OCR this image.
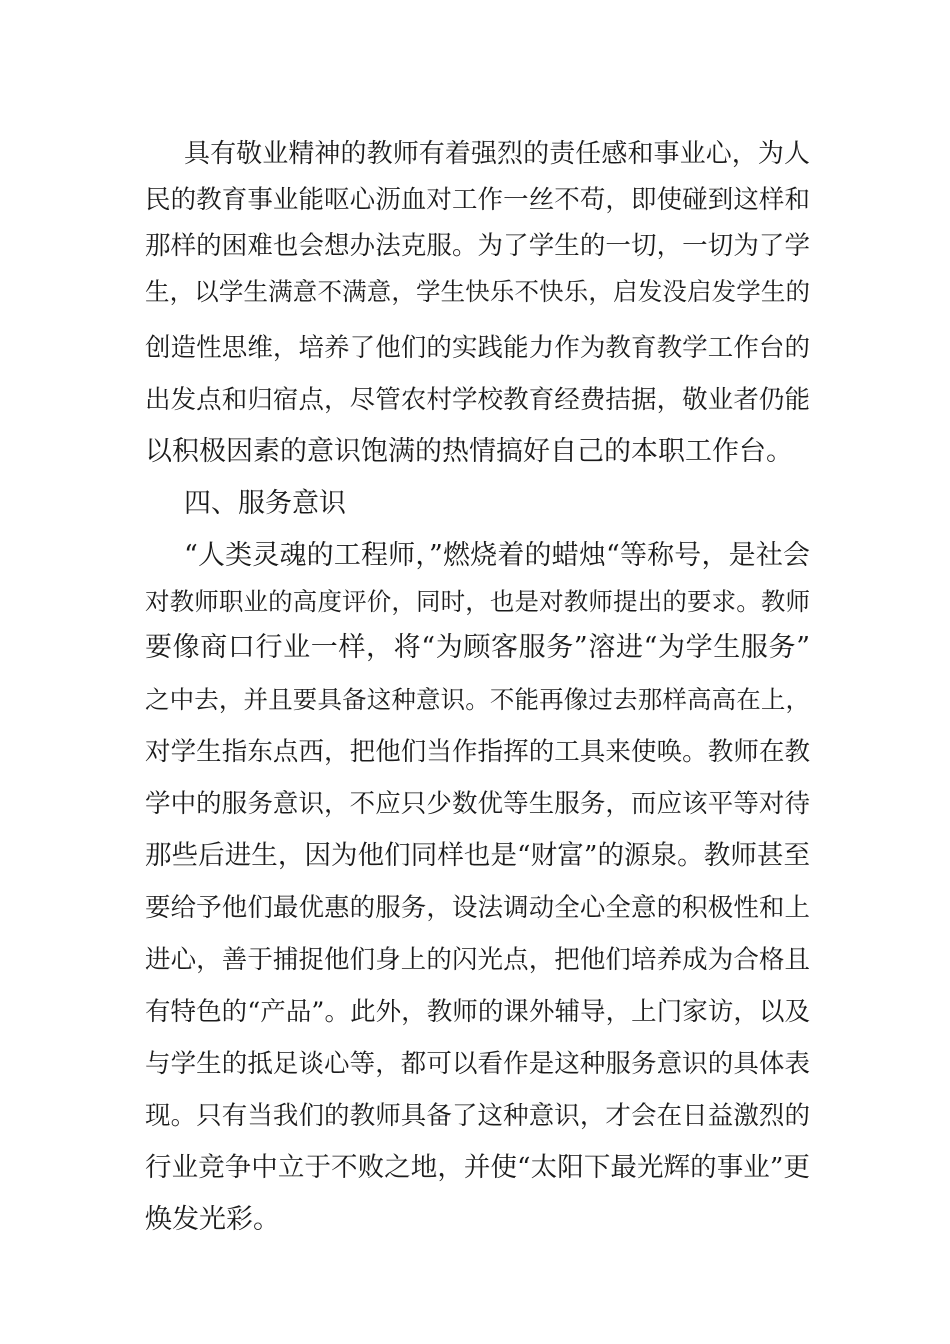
具有敬业精神的教师有着强烈的责任感和事业心，为人
民的教育事业能呕心沥血对工作一丝不苟，即使碰到这样和
那样的困难也会想办法克服。为了学生的一切，一切为了学
生，以学生满意不满意，学生快乐不快乐，启发没启发学生的
创造性思维，培养了他们的实践能力作为教育教学工作台的
出发点和归宿点，尽管农村学校教育经费拮据，敬业者仍能
以积极因素的意识饱满的热情搞好自己的本职工作台。
四、服务意识
“人类灵魂的工程师，”燃烧着的蜡烛“等称号，是社会
对教师职业的高度评价，同时，也是对教师提出的要求。教师
要像商口行业一样，将“为顾客服务”溶进“为学生服务”
之中去，并且要具备这种意识。不能再像过去那样高高在上，
对学生指东点西，把他们当作指挥的工具来使唤。教师在教
学中的服务意识，不应只少数优等生服务，而应该平等对待
那些后进生，因为他们同样也是“财富”的源泉。教师甚至
要给予他们最优惠的服务，设法调动全心全意的积极性和上
进心，善于捕捉他们身上的闪光点，把他们培养成为合格且
有特色的“产品”。此外，教师的课外辅导，上门家访，以及
与学生的抵足谈心等，都可以看作是这种服务意识的具体表
现。只有当我们的教师具备了这种意识，才会在日益激烈的
行业竞争中立于不败之地，并使“太阳下最光辉的事业”更
焕发光彩。
